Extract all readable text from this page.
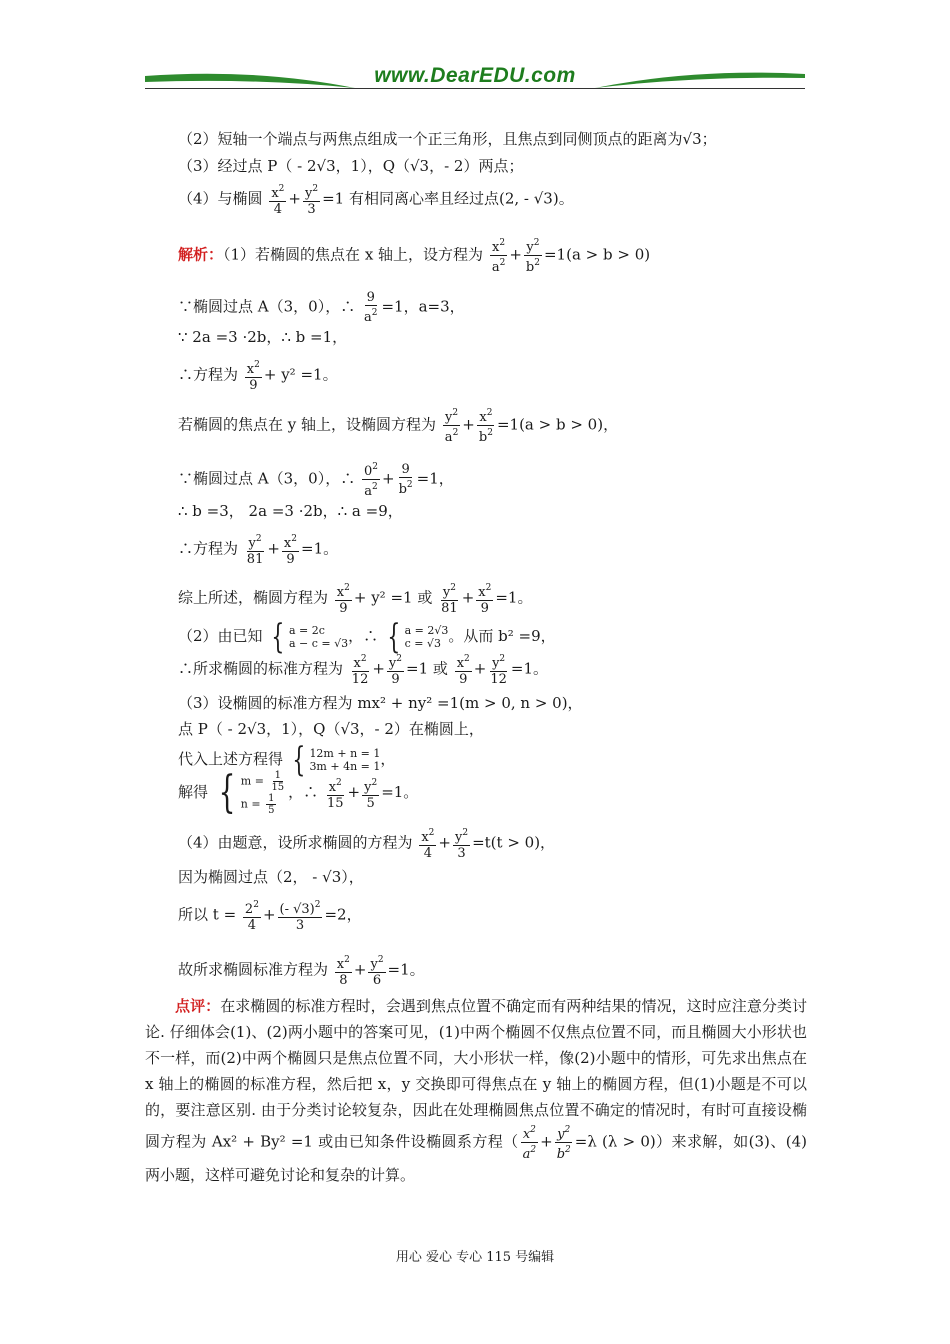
www.DearEDU.com
（2）短轴一个端点与两焦点组成一个正三角形，且焦点到同侧顶点的距离为√3；
（3）经过点 P（ - 2√3，1），Q（√3，- 2）两点；
（4）与椭圆 $\frac{x^2}{4} + \frac{y^2}{3} =1$ 有相同离心率且经过点(2, - √3)。
解析：（1）若椭圆的焦点在 x 轴上，设方程为 $\frac{x^2}{a^2} + \frac{y^2}{b^2} =1(a > b > 0)$
∵椭圆过点 A（3，0），∴ $\frac{9}{a^2} =1$，a=3，
∵ 2a =3 ·2b，∴ b =1，
∴方程为 $\frac{x^2}{9} + y^2 =1$。
若椭圆的焦点在 y 轴上，设椭圆方程为 $\frac{y^2}{a^2} + \frac{x^2}{b^2} =1(a > b > 0)$，
∵椭圆过点 A（3，0），∴ $\frac{0^2}{a^2} + \frac{9}{b^2} =1$，
∴ b =3， 2a =3 ·2b，∴ a =9，
∴方程为 $\frac{y^2}{81} + \frac{x^2}{9} =1$。
综上所述，椭圆方程为 $\frac{x^2}{9} + y^2 =1$ 或 $\frac{y^2}{81} + \frac{x^2}{9} =1$。
（2）由已知 { a = 2c
a − c = √3 ，∴ { a = 2√3
c = √3 。从而 b² =9，
∴所求椭圆的标准方程为 $\frac{x^2}{12} + \frac{y^2}{9} =1$ 或 $\frac{x^2}{9} + \frac{y^2}{12} =1$。
（3）设椭圆的标准方程为 mx² + ny² =1(m > 0, n > 0)，
点 P（ - 2√3，1），Q（√3，- 2）在椭圆上，
代入上述方程得 { 12m + n = 1
3m + 4n = 1 ，
解得 { $m = \frac{1}{15}$
$n = \frac{1}{5}$
，∴ $\frac{x^2}{15} + \frac{y^2}{5} =1$。
（4）由题意，设所求椭圆的方程为 $\frac{x^2}{4} + \frac{y^2}{3} =t(t > 0)$，
因为椭圆过点（2， - √3），
所以 $t = \frac{2^2}{4} + \frac{(- √3)^2}{3} =2$，
故所求椭圆标准方程为 $\frac{x^2}{8} + \frac{y^2}{6} =1$。
点评：在求椭圆的标准方程时，会遇到焦点位置不确定而有两种结果的情况，这时应注意分类讨论. 仔细体会(1)、(2)两小题中的答案可见，(1)中两个椭圆不仅焦点位置不同，而且椭圆大小形状也不一样，而(2)中两个椭圆只是焦点位置不同，大小形状一样，像(2)小题中的情形，可先求出焦点在 x 轴上的椭圆的标准方程，然后把 x，y 交换即可得焦点在 y 轴上的椭圆方程，但(1)小题是不可以的，要注意区别. 由于分类讨论较复杂，因此在处理椭圆焦点位置不确定的情况时，有时可直接设椭圆方程为 Ax² + By² =1 或由已知条件设椭圆系方程（ $\frac{x^2}{a^2} + \frac{y^2}{b^2} =\lambda$ (λ > 0)）来求解，如(3)、(4)两小题，这样可避免讨论和复杂的计算。
用心 爱心 专心 115 号编辑
